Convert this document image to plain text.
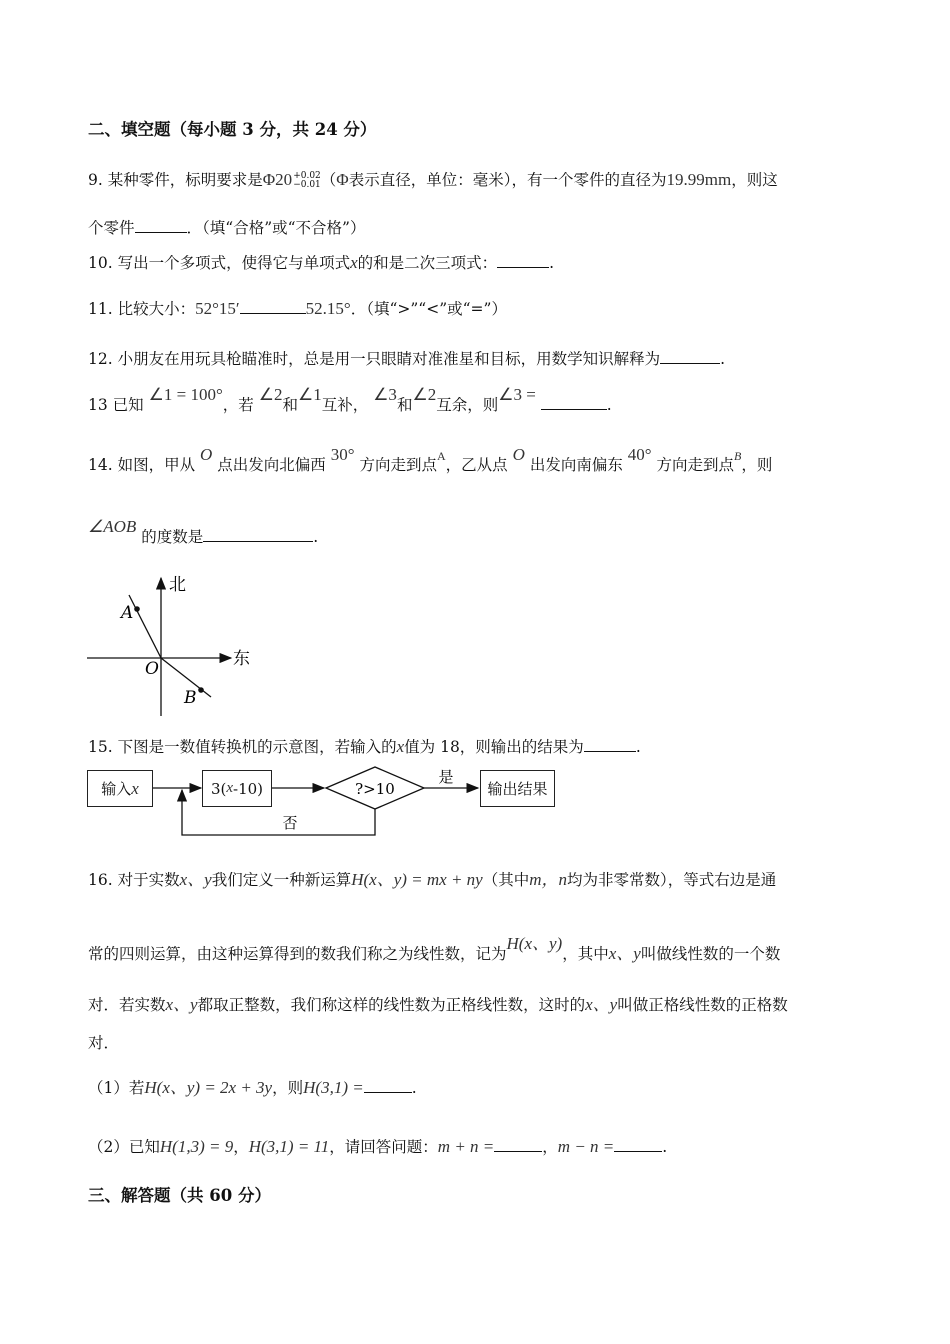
二、填空题（每小题 3 分，共 24 分）
9. 某种零件，标明要求是Φ20+0.02
−0.01（Φ表示直径，单位：毫米），有一个零件的直径为19.99mm，则这
个零件	．（填“合格”或“不合格”）
10. 写出一个多项式，使得它与单项式x的和是二次三项式：	.
11. 比较大小：52°15′	52.15°．（填“>”“<”或“=”）
12. 小朋友在用玩具枪瞄准时，总是用一只眼睛对准准星和目标，用数学知识解释为	.
13 已知 ∠1 = 100°，若 ∠2和∠1互补， ∠3和∠2互余，则∠3 = .
14. 如图，甲从 O 点出发向北偏西 30° 方向走到点$^A$，乙从点 O 出发向南偏东 40° 方向走到点$^B$，则
∠AOB 的度数是	.
北
东
A
O
B
15. 下图是一数值转换机的示意图，若输入的x值为 18，则输出的结果为	.
?>10
是
否
输入 x	3( x -10)	输出结果
16. 对于实数x、y我们定义一种新运算H(x、y) = mx + ny（其中m，n均为非零常数），等式右边是通
常的四则运算，由这种运算得到的数我们称之为线性数，记为H(x、y)，其中x、y叫做线性数的一个数
对．若实数x、y都取正整数，我们称这样的线性数为正格线性数，这时的x、y叫做正格线性数的正格数
对．
（1）若H(x、y) = 2x + 3y，则H(3,1) =	.
（2）已知H(1,3) = 9，H(3,1) = 11，请回答问题：m + n =	，m − n =	.
三、解答题（共 60 分）
